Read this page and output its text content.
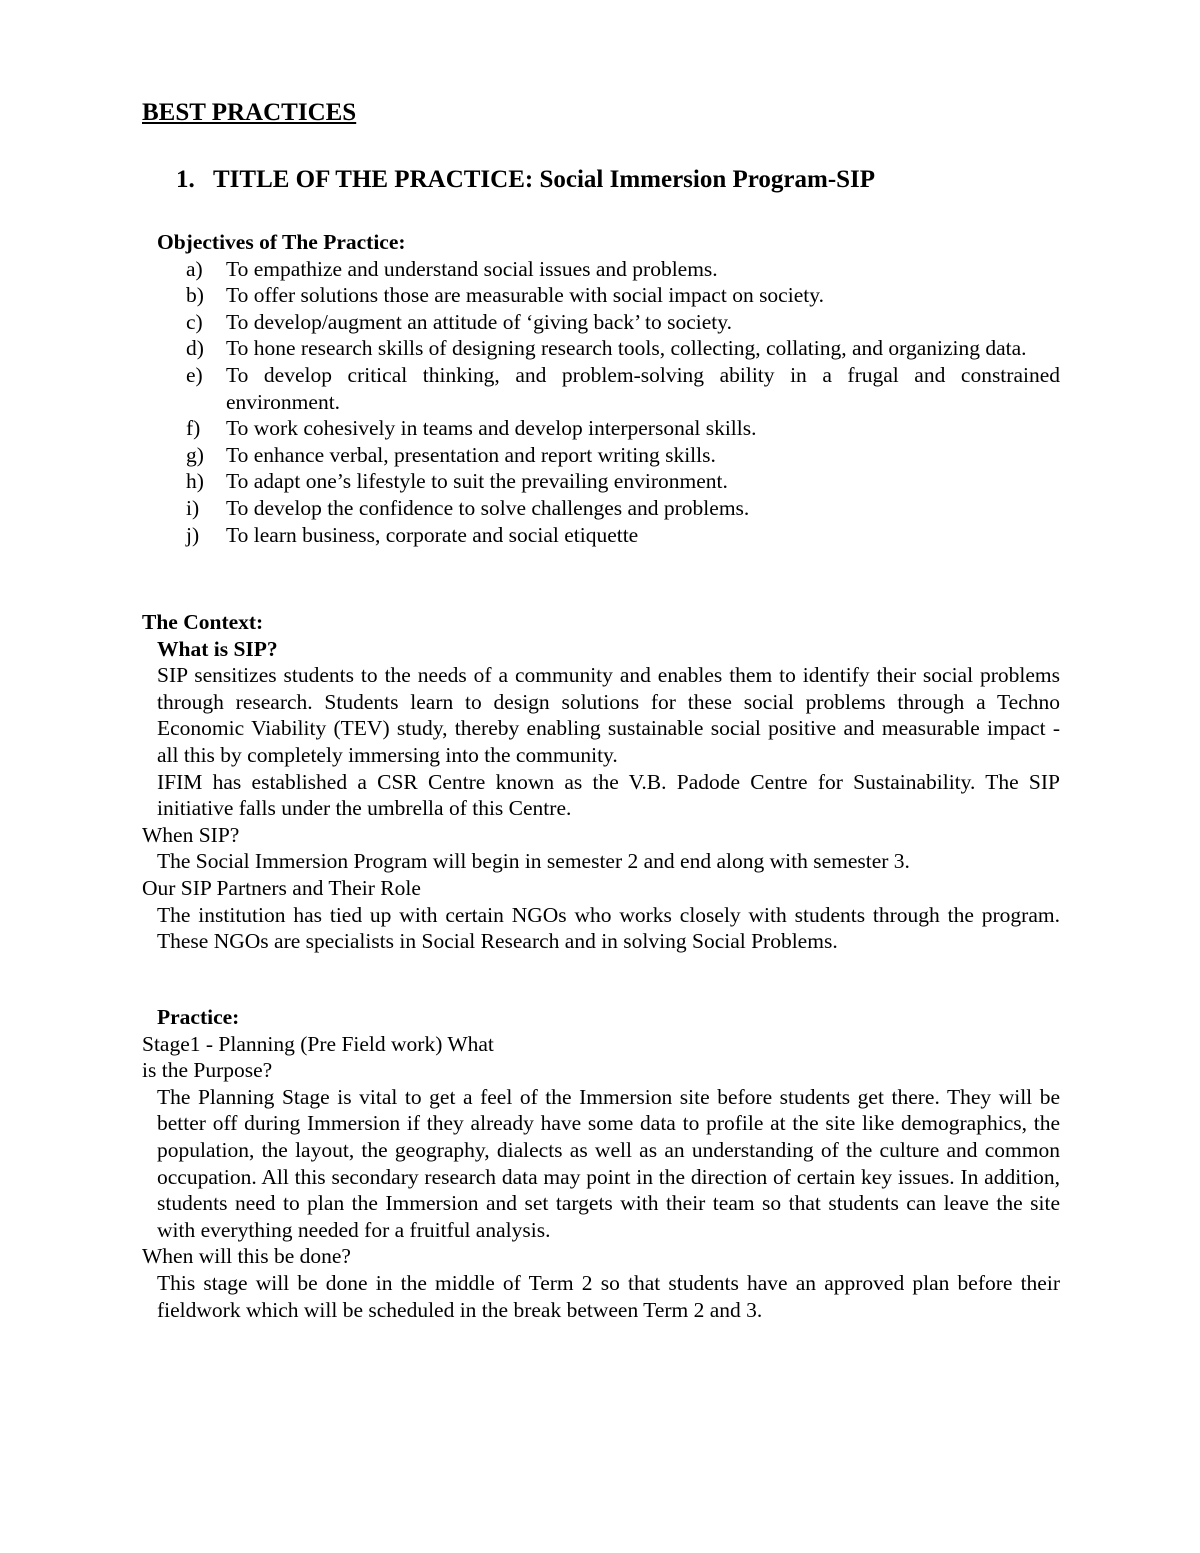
BEST PRACTICES
1. TITLE OF THE PRACTICE: Social Immersion Program-SIP

Objectives of The Practice:

a)	To empathize and understand social issues and problems.
b)	To offer solutions those are measurable with social impact on society.
c)	To develop/augment an attitude of ‘giving back’ to society.
d)	To hone research skills of designing research tools, collecting, collating, and organizing data.
e)	To develop critical thinking, and problem-solving ability in a frugal and constrained environment.
f)	To work cohesively in teams and develop interpersonal skills.
g)	To enhance verbal, presentation and report writing skills.
h)	To adapt one’s lifestyle to suit the prevailing environment.
i)	To develop the confidence to solve challenges and problems.
j)	To learn business, corporate and social etiquette

The Context:

What is SIP?

SIP sensitizes students to the needs of a community and enables them to identify their social problems through research. Students learn to design solutions for these social problems through a Techno Economic Viability (TEV) study, thereby enabling sustainable social positive and measurable impact - all this by completely immersing into the community.

IFIM has established a CSR Centre known as the V.B. Padode Centre for Sustainability. The SIP initiative falls under the umbrella of this Centre.

When SIP?

The Social Immersion Program will begin in semester 2 and end along with semester 3.

Our SIP Partners and Their Role

The institution has tied up with certain NGOs who works closely with students through the program. These NGOs are specialists in Social Research and in solving Social Problems.

Practice:

Stage1 - Planning (Pre Field work) What

is the Purpose?

The Planning Stage is vital to get a feel of the Immersion site before students get there. They will be better off during Immersion if they already have some data to profile at the site like demographics, the population, the layout, the geography, dialects as well as an understanding of the culture and common occupation. All this secondary research data may point in the direction of certain key issues. In addition, students need to plan the Immersion and set targets with their team so that students can leave the site with everything needed for a fruitful analysis.

When will this be done?

This stage will be done in the middle of Term 2 so that students have an approved plan before their fieldwork which will be scheduled in the break between Term 2 and 3.
